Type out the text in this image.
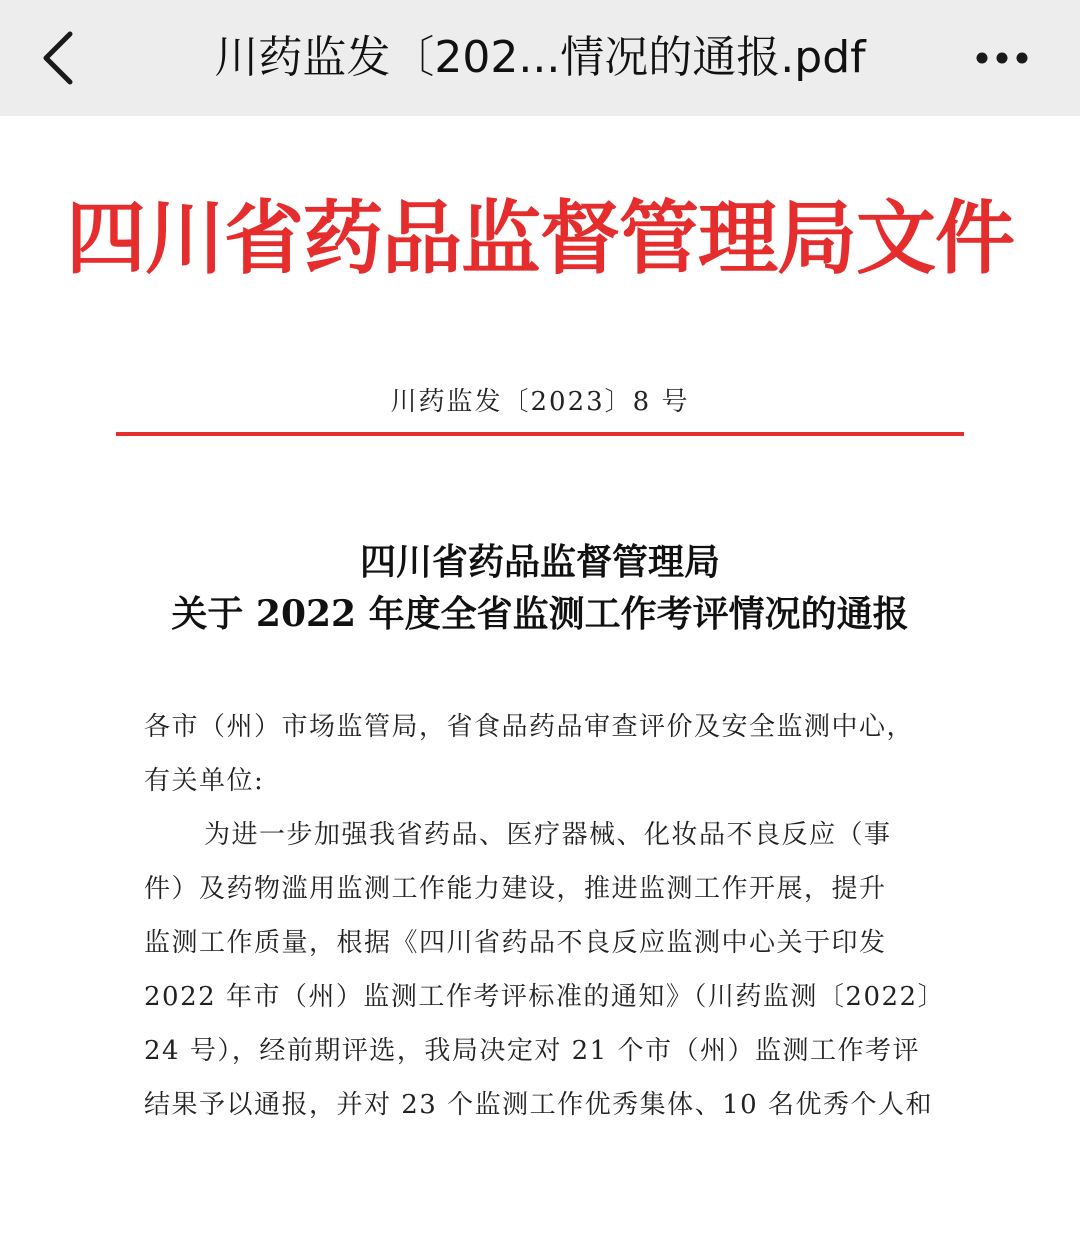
川药监发〔202...情况的通报.pdf
四川省药品监督管理局文件
川药监发〔2023〕8 号
四川省药品监督管理局
关于 2022 年度全省监测工作考评情况的通报
各市（州）市场监管局，省食品药品审查评价及安全监测中心，
有关单位:
为进一步加强我省药品、医疗器械、化妆品不良反应（事
件）及药物滥用监测工作能力建设，推进监测工作开展，提升
监测工作质量，根据《四川省药品不良反应监测中心关于印发
2022 年市（州）监测工作考评标准的通知》（川药监测〔2022〕
24 号），经前期评选，我局决定对 21 个市（州）监测工作考评
结果予以通报，并对 23 个监测工作优秀集体、10 名优秀个人和
